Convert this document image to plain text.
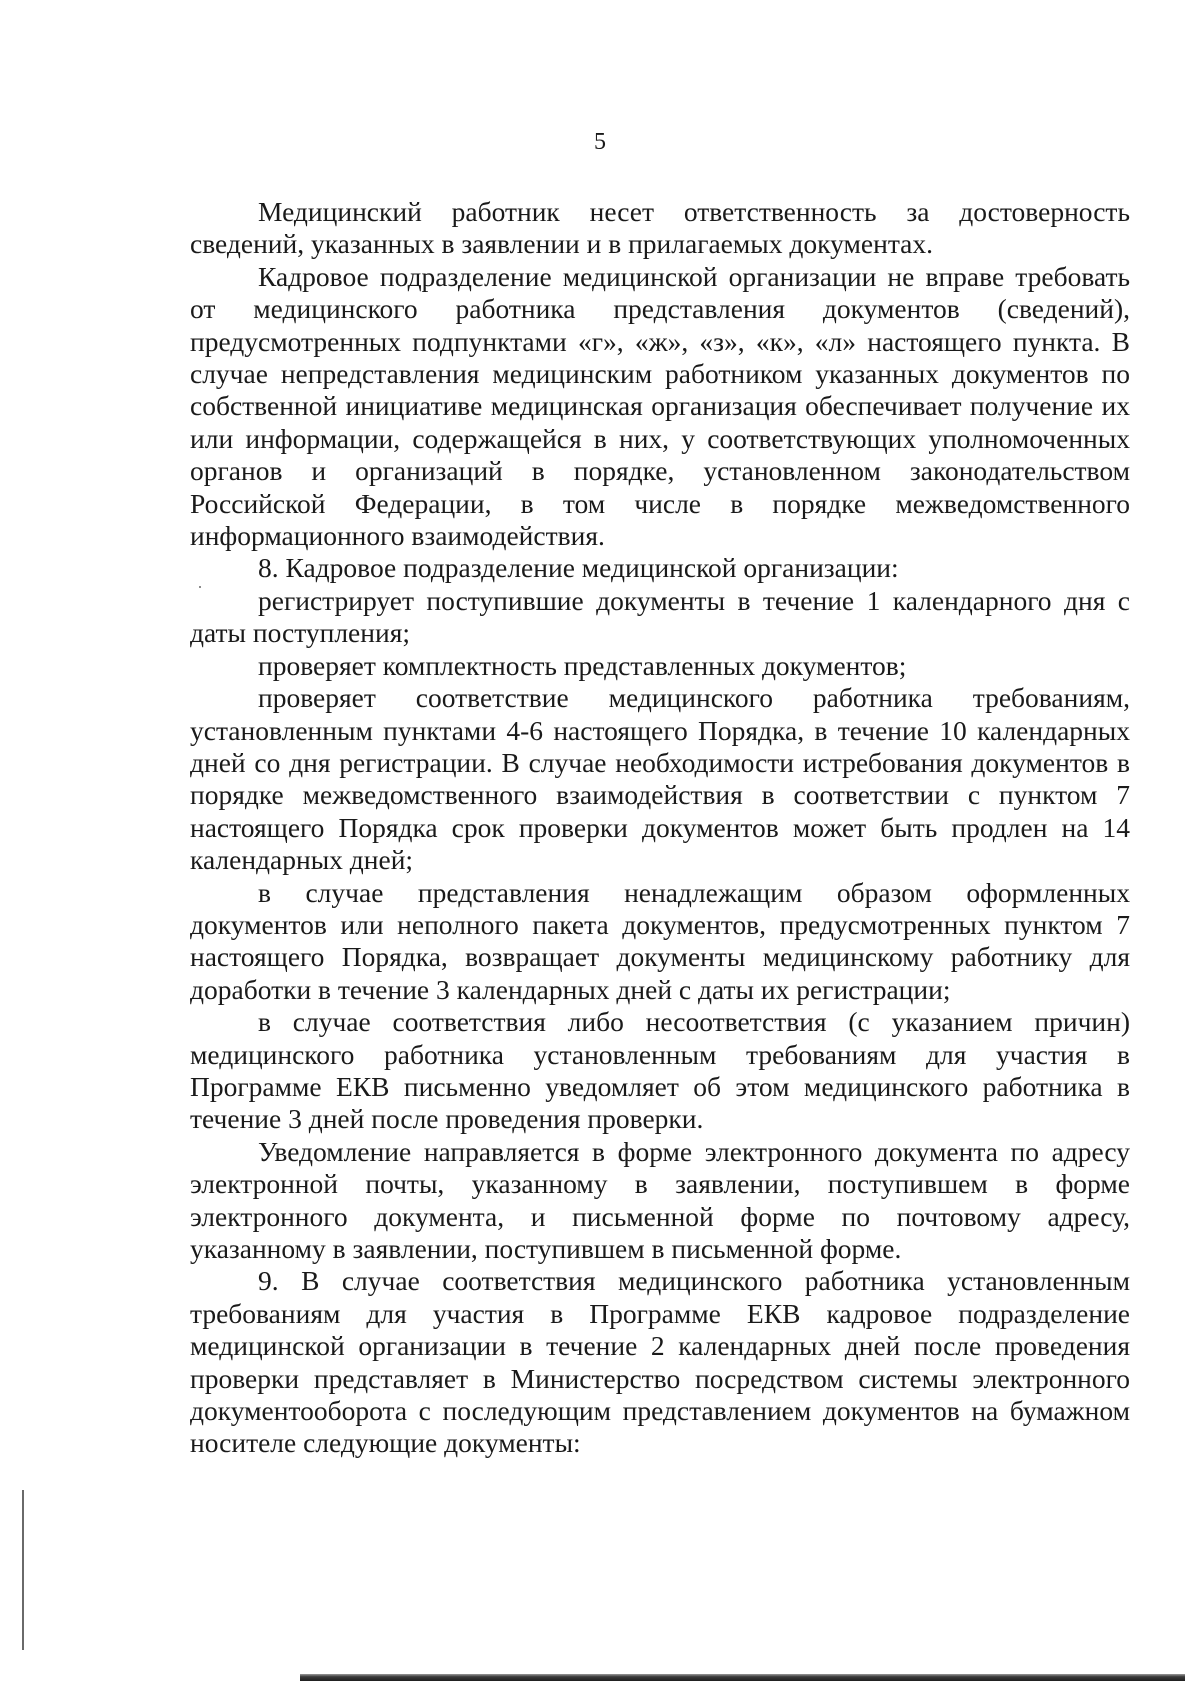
5

Медицинский работник несет ответственность за достоверность сведений, указанных в заявлении и в прилагаемых документах.

Кадровое подразделение медицинской организации не вправе требовать от медицинского работника представления документов (сведений), предусмотренных подпунктами «г», «ж», «з», «к», «л» настоящего пункта. В случае непредставления медицинским работником указанных документов по собственной инициативе медицинская организация обеспечивает получение их или информации, содержащейся в них, у соответствующих уполномоченных органов и организаций в порядке, установленном законодательством Российской Федерации, в том числе в порядке межведомственного информационного взаимодействия.

8. Кадровое подразделение медицинской организации:

регистрирует поступившие документы в течение 1 календарного дня с даты поступления;

проверяет комплектность представленных документов;

проверяет соответствие медицинского работника требованиям, установленным пунктами 4-6 настоящего Порядка, в течение 10 календарных дней со дня регистрации. В случае необходимости истребования документов в порядке межведомственного взаимодействия в соответствии с пунктом 7 настоящего Порядка срок проверки документов может быть продлен на 14 календарных дней;

в случае представления ненадлежащим образом оформленных документов или неполного пакета документов, предусмотренных пунктом 7 настоящего Порядка, возвращает документы медицинскому работнику для доработки в течение 3 календарных дней с даты их регистрации;

в случае соответствия либо несоответствия (с указанием причин) медицинского работника установленным требованиям для участия в Программе ЕКВ письменно уведомляет об этом медицинского работника в течение 3 дней после проведения проверки.

Уведомление направляется в форме электронного документа по адресу электронной почты, указанному в заявлении, поступившем в форме электронного документа, и письменной форме по почтовому адресу, указанному в заявлении, поступившем в письменной форме.

9. В случае соответствия медицинского работника установленным требованиям для участия в Программе ЕКВ кадровое подразделение медицинской организации в течение 2 календарных дней после проведения проверки представляет в Министерство посредством системы электронного документооборота с последующим представлением документов на бумажном носителе следующие документы:
